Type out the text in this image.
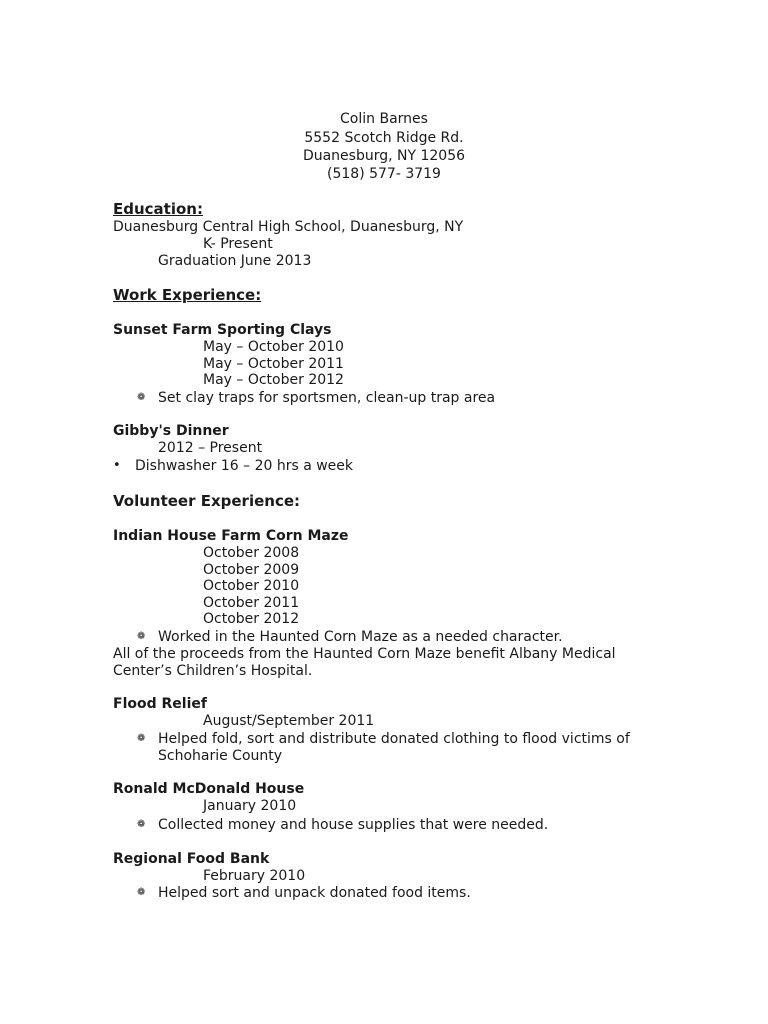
Colin Barnes
5552 Scotch Ridge Rd.
Duanesburg, NY 12056
(518) 577- 3719
Education:
Duanesburg Central High School, Duanesburg, NY
K- Present
Graduation June 2013
Work Experience:
Sunset Farm Sporting Clays
May – October 2010
May – October 2011
May – October 2012
❁ Set clay traps for sportsmen, clean-up trap area
Gibby's Dinner
2012 – Present
• Dishwasher 16 – 20 hrs a week
Volunteer Experience:
Indian House Farm Corn Maze
October 2008
October 2009
October 2010
October 2011
October 2012
❁ Worked in the Haunted Corn Maze as a needed character.
All of the proceeds from the Haunted Corn Maze benefit Albany Medical
Center’s Children’s Hospital.
Flood Relief
August/September 2011
❁ Helped fold, sort and distribute donated clothing to flood victims of
Schoharie County
Ronald McDonald House
January 2010
❁ Collected money and house supplies that were needed.
Regional Food Bank
February 2010
❁ Helped sort and unpack donated food items.
